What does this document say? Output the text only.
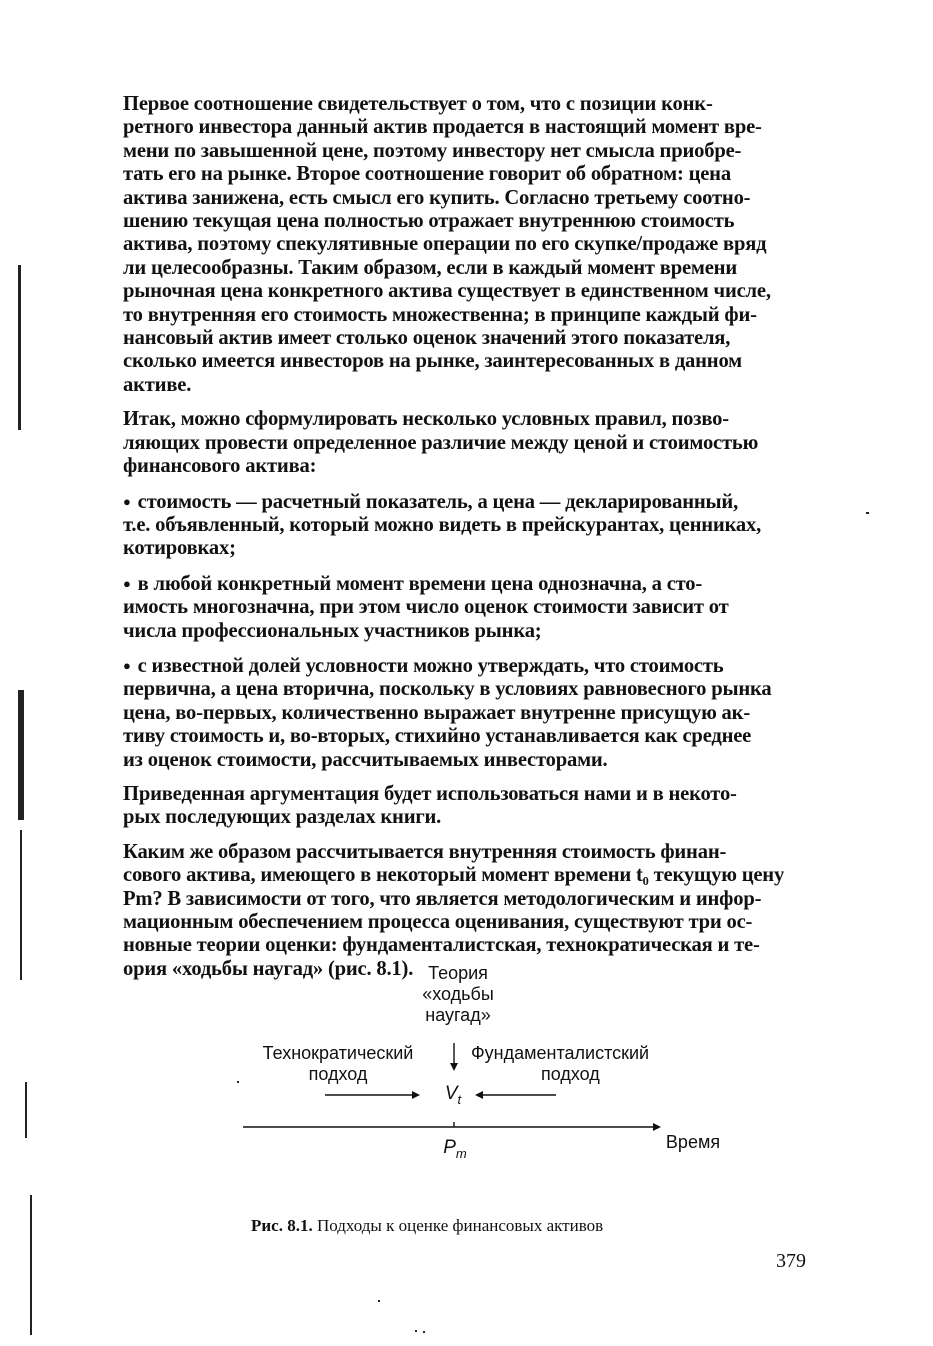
Первое соотношение свидетельствует о том, что с позиции конк-
ретного инвестора данный актив продается в настоящий момент вре-
мени по завышенной цене, поэтому инвестору нет смысла приобре-
тать его на рынке. Второе соотношение говорит об обратном: цена
актива занижена, есть смысл его купить. Согласно третьему соотно-
шению текущая цена полностью отражает внутреннюю стоимость
актива, поэтому спекулятивные операции по его скупке/продаже вряд
ли целесообразны. Таким образом, если в каждый момент времени
рыночная цена конкретного актива существует в единственном числе,
то внутренняя его стоимость множественна; в принципе каждый фи-
нансовый актив имеет столько оценок значений этого показателя,
сколько имеется инвесторов на рынке, заинтересованных в данном
активе.
Итак, можно сформулировать несколько условных правил, позво-
ляющих провести определенное различие между ценой и стоимостью
финансового актива:
● стоимость — расчетный показатель, а цена — декларированный,
т.е. объявленный, который можно видеть в прейскурантах, ценниках,
котировках;
● в любой конкретный момент времени цена однозначна, а сто-
имость многозначна, при этом число оценок стоимости зависит от
числа профессиональных участников рынка;
● с известной долей условности можно утверждать, что стоимость
первична, а цена вторична, поскольку в условиях равновесного рынка
цена, во-первых, количественно выражает внутренне присущую ак-
тиву стоимость и, во-вторых, стихийно устанавливается как среднее
из оценок стоимости, рассчитываемых инвесторами.
Приведенная аргументация будет использоваться нами и в некото-
рых последующих разделах книги.
Каким же образом рассчитывается внутренняя стоимость финан-
сового актива, имеющего в некоторый момент времени t₀ текущую цену
Pm? В зависимости от того, что является методологическим и инфор-
мационным обеспечением процесса оценивания, существуют три ос-
новные теории оценки: фундаменталистская, технократическая и те-
ория «ходьбы наугад» (рис. 8.1). Теория
«ходьбы
наугад»
Технократический
подход
Фундаменталистский
подход
$V_t$
$P_m$
Время
Рис. 8.1. Подходы к оценке финансовых активов
379
